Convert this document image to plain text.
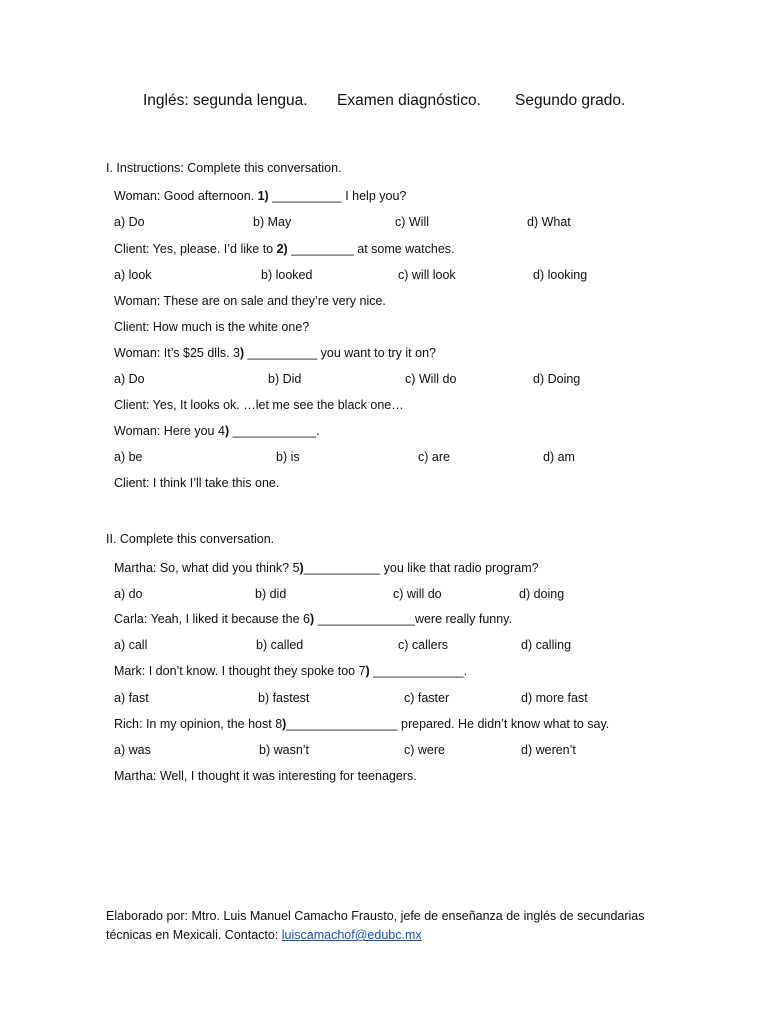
Inglés: segunda lengua. Examen diagnóstico. Segundo grado.
I. Instructions: Complete this conversation.
Woman: Good afternoon. 1) __________ I help you?
a) Do	b) May	c) Will	d) What
Client: Yes, please. I’d like to 2) _________ at some watches.
a) look	b) looked	c) will look	d) looking
Woman: These are on sale and they’re very nice.
Client: How much is the white one?
Woman: It’s $25 dlls. 3) __________ you want to try it on?
a) Do	b) Did	c) Will do	d) Doing
Client: Yes, It looks ok. …let me see the black one…
Woman: Here you 4) ____________.
a) be	b) is	c) are	d) am
Client: I think I’ll take this one.
II. Complete this conversation.
Martha: So, what did you think? 5)___________ you like that radio program?
a) do	b) did	c) will do	d) doing
Carla: Yeah, I liked it because the 6) ______________were really funny.
a) call	b) called	c) callers	d) calling
Mark: I don’t know. I thought they spoke too 7) _____________.
a) fast	b) fastest	c) faster	d) more fast
Rich: In my opinion, the host 8)________________ prepared. He didn’t know what to say.
a) was	b) wasn’t	c) were	d) weren’t
Martha: Well, I thought it was interesting for teenagers.
Elaborado por: Mtro. Luis Manuel Camacho Frausto, jefe de enseñanza de inglés de secundarias técnicas en Mexicali. Contacto: luiscamachof@edubc.mx
